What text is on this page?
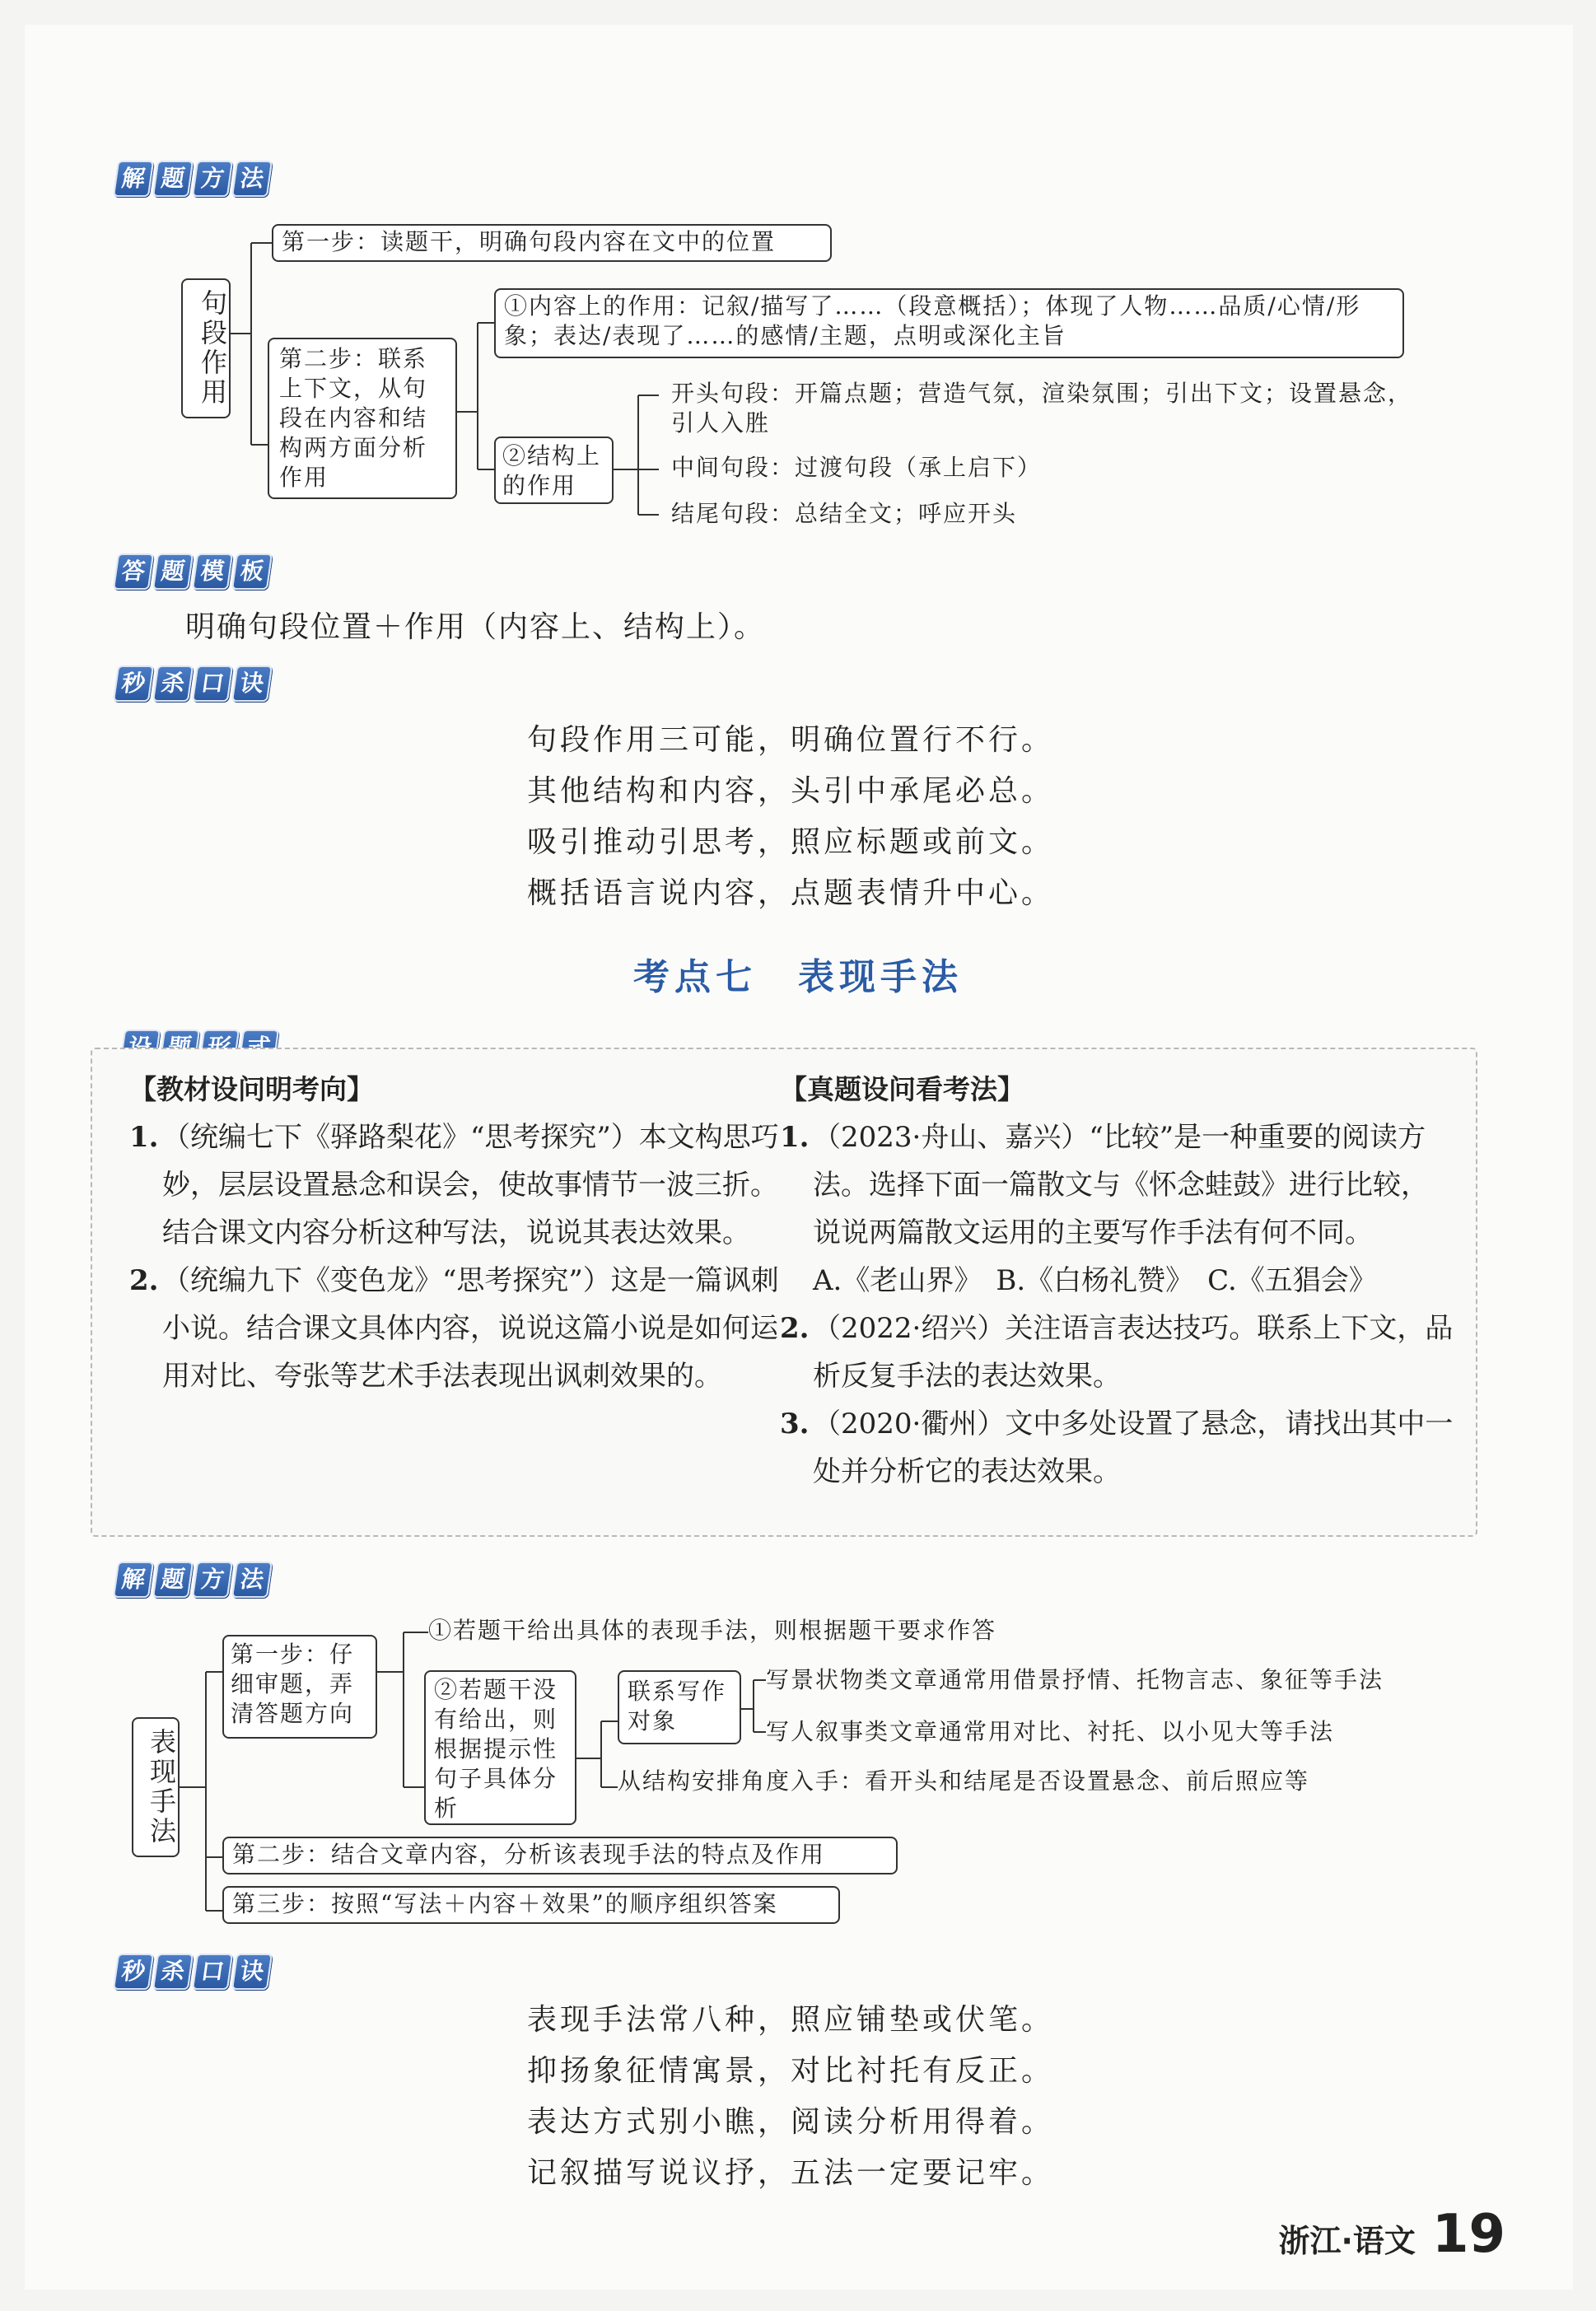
解 题 方 法
句段作用
第一步：读题干，明确句段内容在文中的位置
第二步：联系上下文，从句段在内容和结构两方面分析作用
①内容上的作用：记叙/描写了……（段意概括）；体现了人物……品质/心情/形象；表达/表现了……的感情/主题，点明或深化主旨
②结构上的作用
开头句段：开篇点题；营造气氛，渲染氛围；引出下文；设置悬念，引人入胜
中间句段：过渡句段（承上启下）
结尾句段：总结全文；呼应开头
答 题 模 板
明确句段位置＋作用（内容上、结构上）。
秒 杀 口 诀
句段作用三可能，明确位置行不行。
其他结构和内容，头引中承尾必总。
吸引推动引思考，照应标题或前文。
概括语言说内容，点题表情升中心。
考点七　表现手法
【教材设问明考向】
1. （统编七下《驿路梨花》“思考探究”）本文构思巧妙，层层设置悬念和误会，使故事情节一波三折。结合课文内容分析这种写法，说说其表达效果。
2. （统编九下《变色龙》“思考探究”）这是一篇讽刺小说。结合课文具体内容，说说这篇小说是如何运用对比、夸张等艺术手法表现出讽刺效果的。
【真题设问看考法】
1. （2023·舟山、嘉兴）“比较”是一种重要的阅读方法。选择下面一篇散文与《怀念蛙鼓》进行比较，说说两篇散文运用的主要写作手法有何不同。
A.《老山界》　B.《白杨礼赞》　C.《五猖会》
2. （2022·绍兴）关注语言表达技巧。联系上下文，品析反复手法的表达效果。
3. （2020·衢州）文中多处设置了悬念，请找出其中一处并分析它的表达效果。
解 题 方 法
表现手法
第一步：仔细审题，弄清答题方向
①若题干给出具体的表现手法，则根据题干要求作答
②若题干没有给出，则根据提示性句子具体分析
联系写作对象
写景状物类文章通常用借景抒情、托物言志、象征等手法
写人叙事类文章通常用对比、衬托、以小见大等手法
从结构安排角度入手：看开头和结尾是否设置悬念、前后照应等
第二步：结合文章内容，分析该表现手法的特点及作用
第三步：按照“写法＋内容＋效果”的顺序组织答案
秒 杀 口 诀
表现手法常八种，照应铺垫或伏笔。
抑扬象征情寓景，对比衬托有反正。
表达方式别小瞧，阅读分析用得着。
记叙描写说议抒，五法一定要记牢。
浙江·语文 19
